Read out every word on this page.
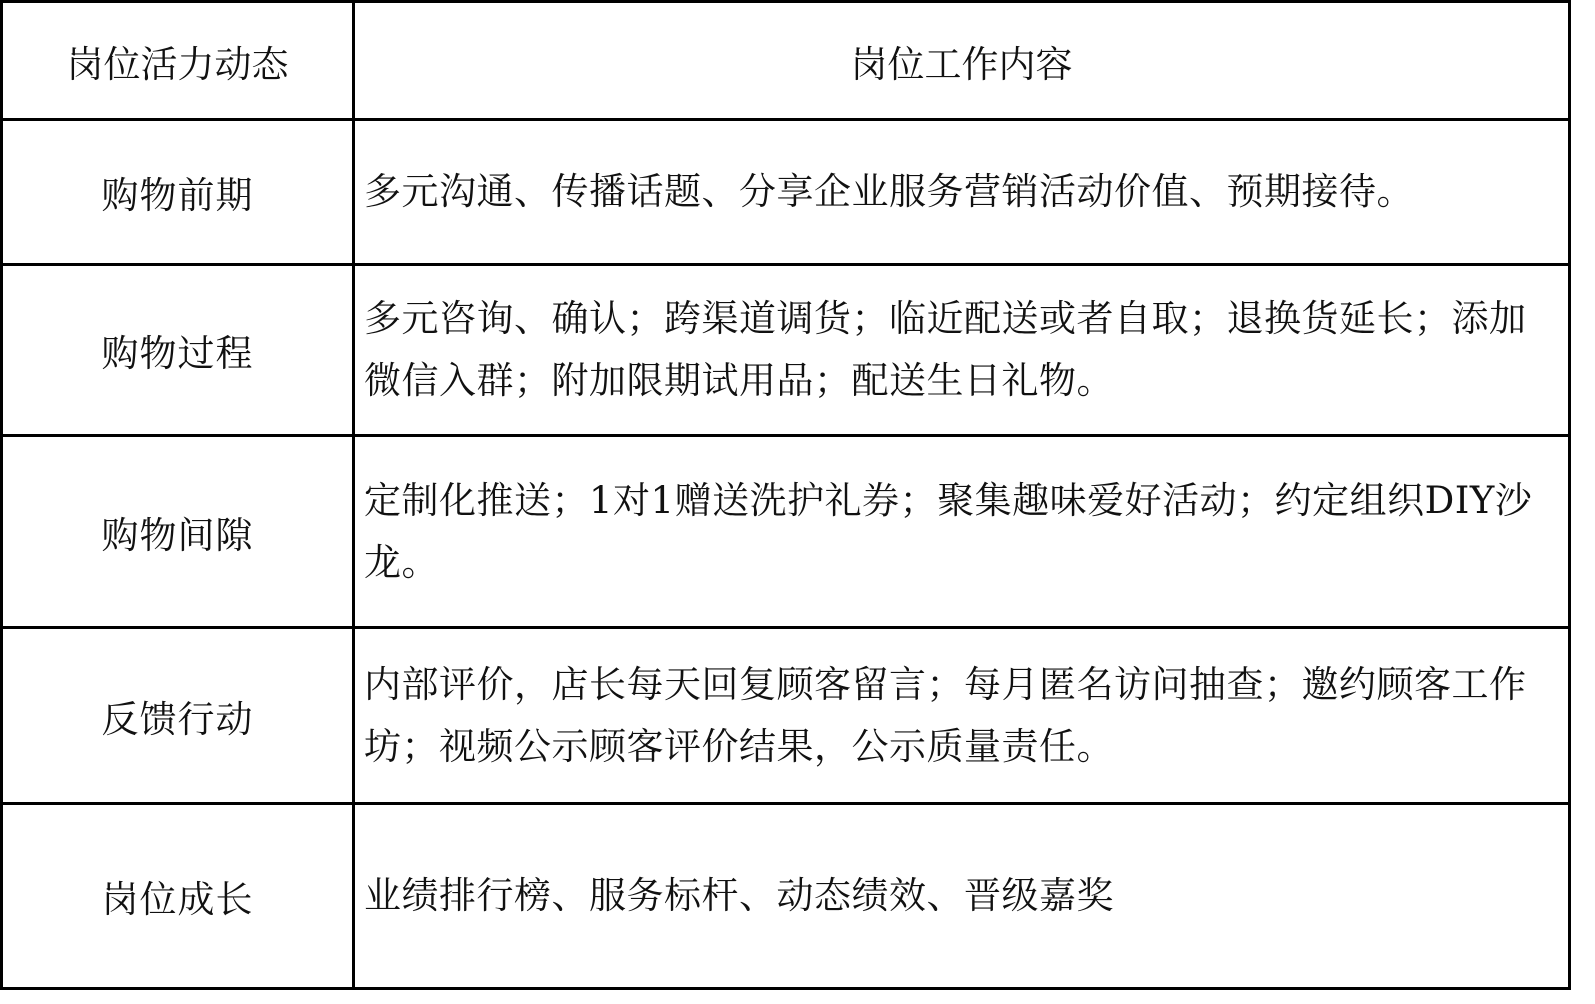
岗位活力动态	岗位工作内容
购物前期	多元沟通、传播话题、分享企业服务营销活动价值、预期接待。
购物过程	多元咨询、确认；跨渠道调货；临近配送或者自取；退换货延长；添加微信入群；附加限期试用品；配送生日礼物。
购物间隙	定制化推送；1对1赠送洗护礼券；聚集趣味爱好活动；约定组织DIY沙龙。
反馈行动	内部评价，店长每天回复顾客留言；每月匿名访问抽查；邀约顾客工作坊；视频公示顾客评价结果，公示质量责任。
岗位成长	业绩排行榜、服务标杆、动态绩效、晋级嘉奖
